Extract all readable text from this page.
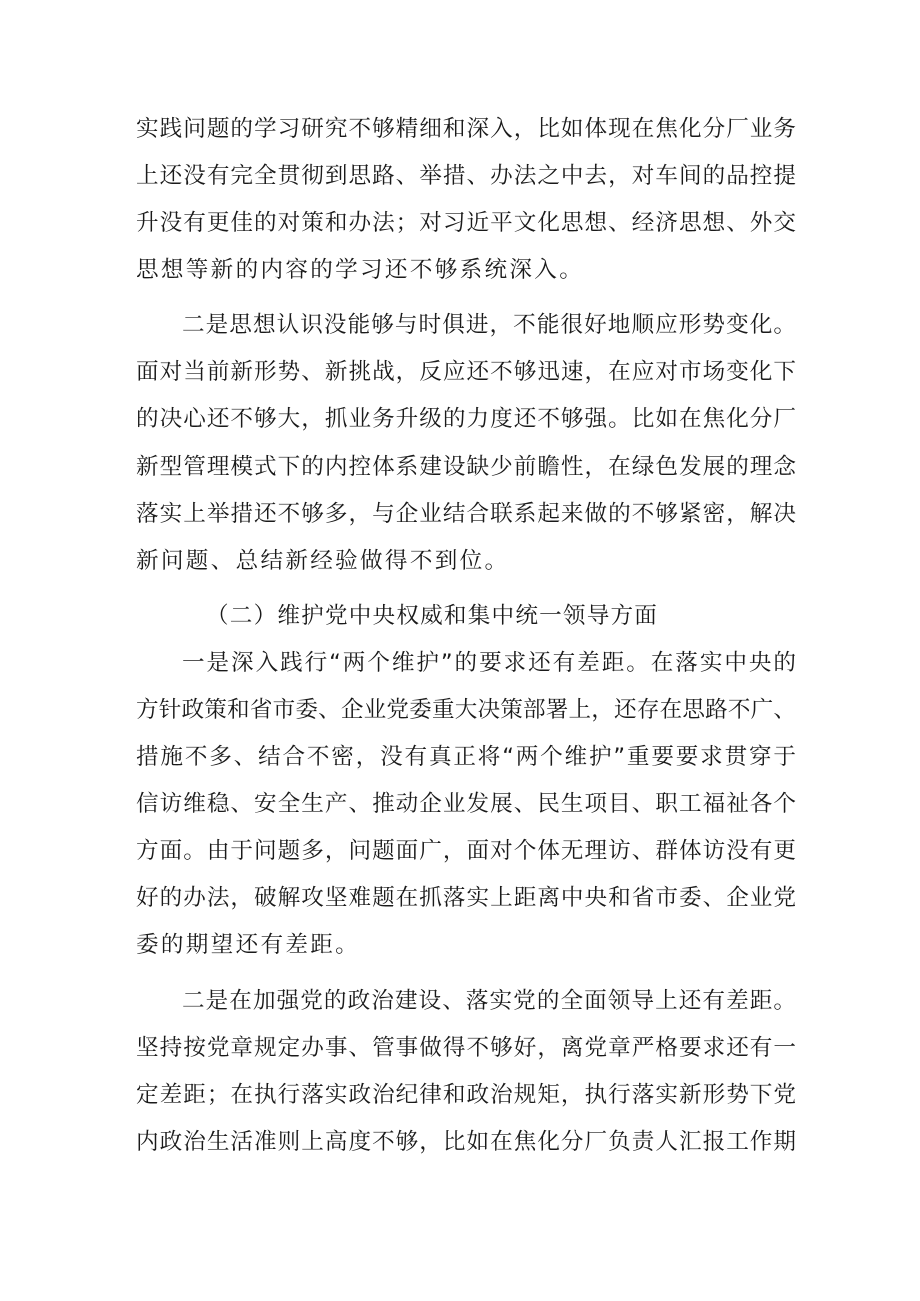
实践问题的学习研究不够精细和深入，比如体现在焦化分厂业务
上还没有完全贯彻到思路、举措、办法之中去，对车间的品控提
升没有更佳的对策和办法；对习近平文化思想、经济思想、外交
思想等新的内容的学习还不够系统深入。
二是思想认识没能够与时俱进，不能很好地顺应形势变化。
面对当前新形势、新挑战，反应还不够迅速，在应对市场变化下
的决心还不够大，抓业务升级的力度还不够强。比如在焦化分厂
新型管理模式下的内控体系建设缺少前瞻性，在绿色发展的理念
落实上举措还不够多，与企业结合联系起来做的不够紧密，解决
新问题、总结新经验做得不到位。
（二）维护党中央权威和集中统一领导方面
一是深入践行“两个维护”的要求还有差距。在落实中央的
方针政策和省市委、企业党委重大决策部署上，还存在思路不广、
措施不多、结合不密，没有真正将“两个维护”重要要求贯穿于
信访维稳、安全生产、推动企业发展、民生项目、职工福祉各个
方面。由于问题多，问题面广，面对个体无理访、群体访没有更
好的办法，破解攻坚难题在抓落实上距离中央和省市委、企业党
委的期望还有差距。
二是在加强党的政治建设、落实党的全面领导上还有差距。
坚持按党章规定办事、管事做得不够好，离党章严格要求还有一
定差距；在执行落实政治纪律和政治规矩，执行落实新形势下党
内政治生活准则上高度不够，比如在焦化分厂负责人汇报工作期
